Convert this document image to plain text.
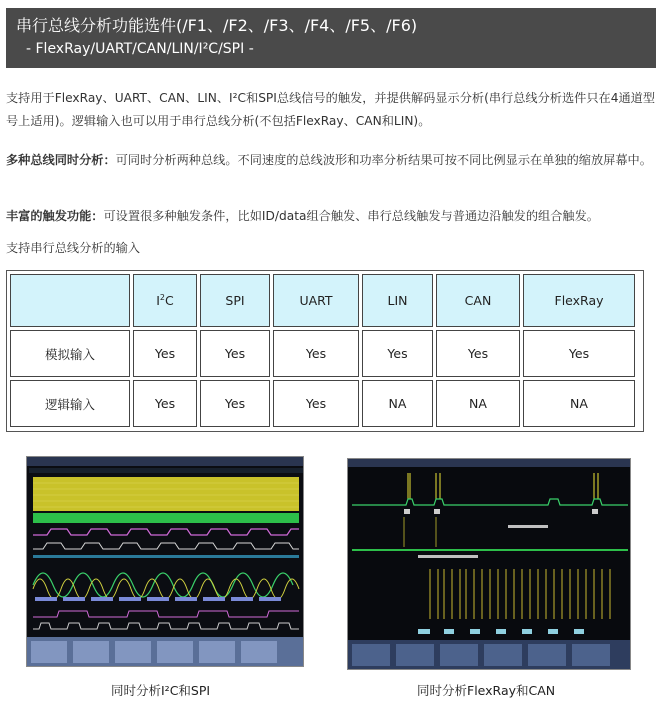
串行总线分析功能选件(/F1、/F2、/F3、/F4、/F5、/F6)
- FlexRay/UART/CAN/LIN/I²C/SPI -
支持用于FlexRay、UART、CAN、LIN、I²C和SPI总线信号的触发，并提供解码显示分析(串行总线分析选件只在4通道型号上适用)。逻辑输入也可以用于串行总线分析(不包括FlexRay、CAN和LIN)。
多种总线同时分析：可同时分析两种总线。不同速度的总线波形和功率分析结果可按不同比例显示在单独的缩放屏幕中。
丰富的触发功能：可设置很多种触发条件，比如ID/data组合触发、串行总线触发与普通边沿触发的组合触发。
支持串行总线分析的输入
	$I^2C$	SPI	UART	LIN	CAN	FlexRay
模拟输入	Yes	Yes	Yes	Yes	Yes	Yes
逻辑输入	Yes	Yes	Yes	NA	NA	NA
同时分析I²C和SPI	同时分析FlexRay和CAN
